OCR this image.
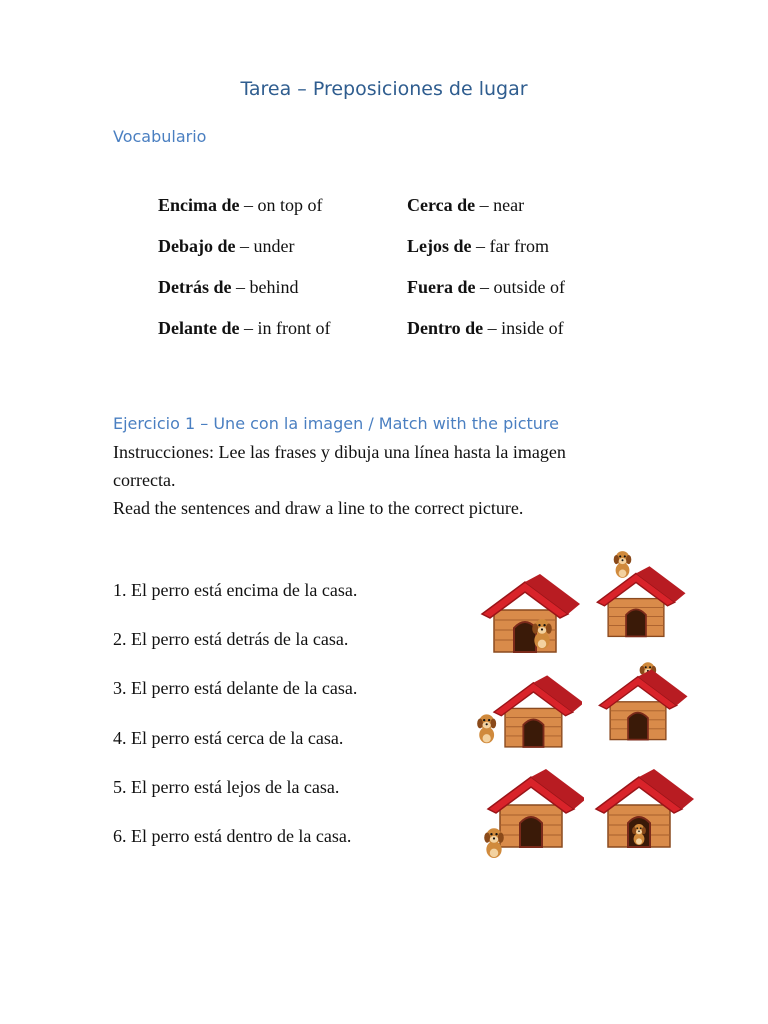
Tarea – Preposiciones de lugar
Vocabulario
Encima de – on top of
Debajo de – under
Detrás de – behind
Delante de – in front of
Cerca de – near
Lejos de – far from
Fuera de – outside of
Dentro de – inside of
Ejercicio 1 – Une con la imagen / Match with the picture
Instrucciones: Lee las frases y dibuja una línea hasta la imagen
correcta.
Read the sentences and draw a line to the correct picture.
1. El perro está encima de la casa.
2. El perro está detrás de la casa.
3. El perro está delante de la casa.
4. El perro está cerca de la casa.
5. El perro está lejos de la casa.
6. El perro está dentro de la casa.
